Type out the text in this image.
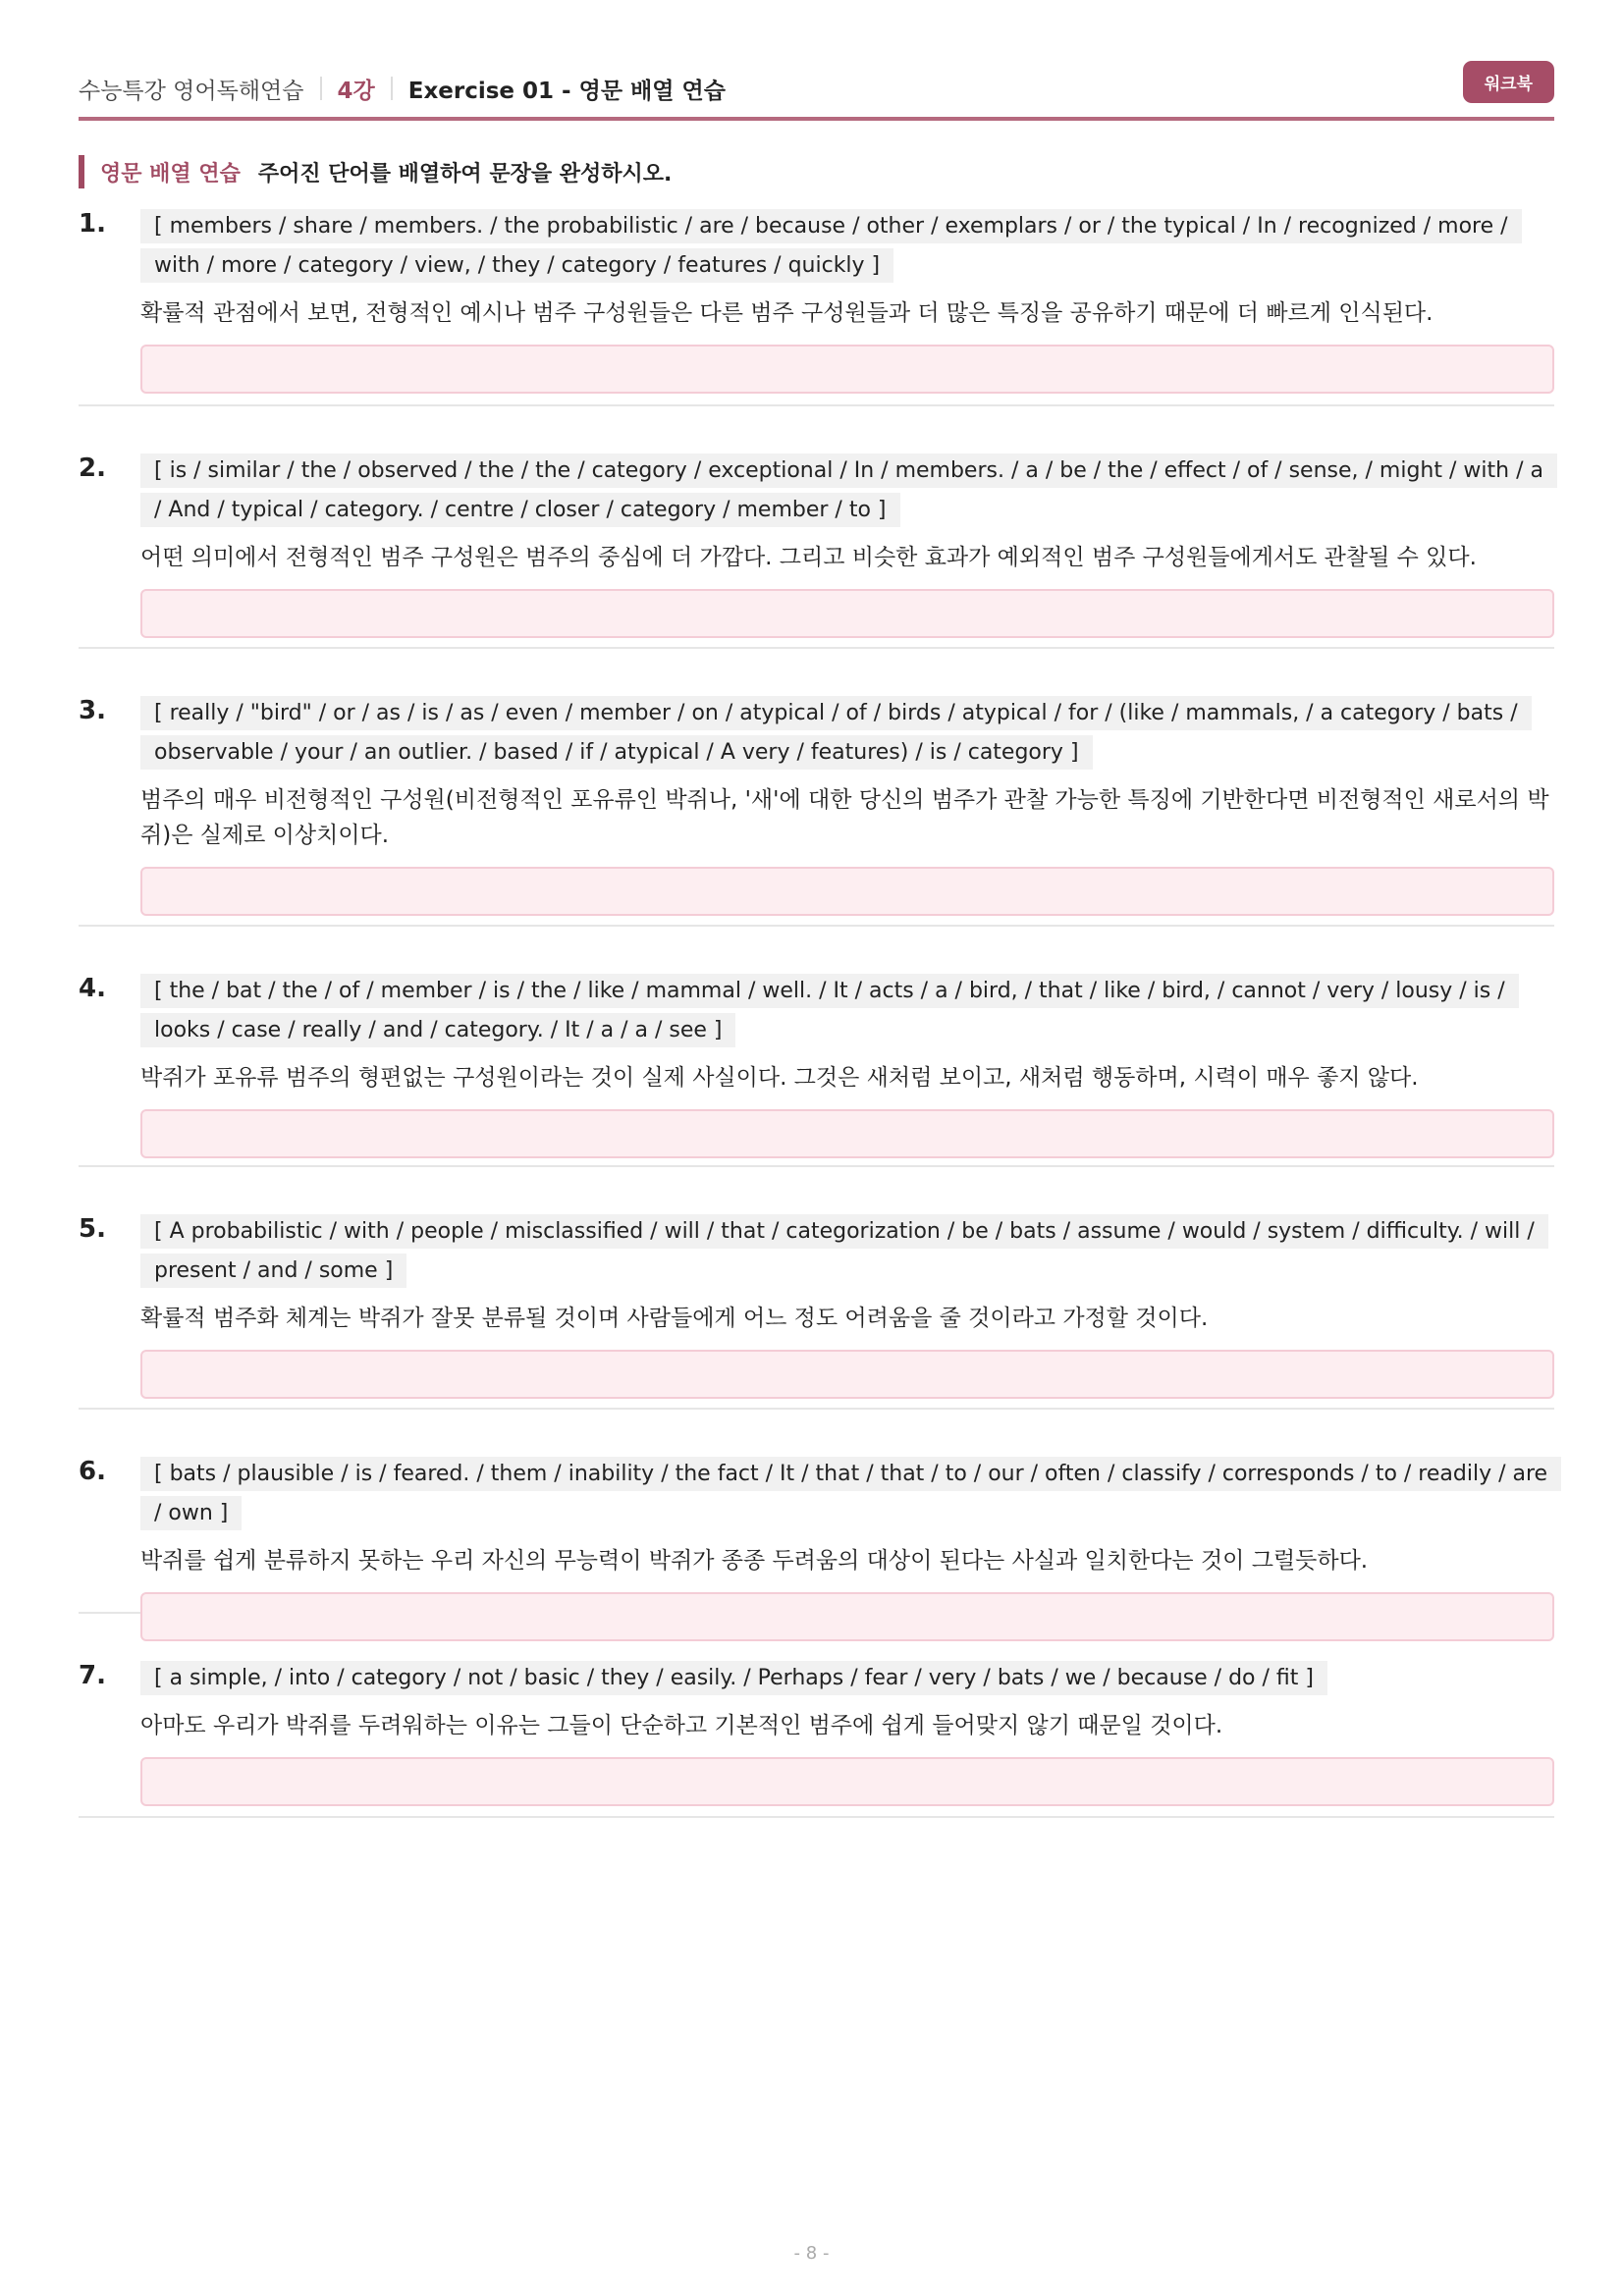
수능특강 영어독해연습 4강 Exercise 01 - 영문 배열 연습	워크북
영문 배열 연습 주어진 단어를 배열하여 문장을 완성하시오.
1.	[ members / share / members. / the probabilistic / are / because / other / exemplars / or / the typical / In / recognized / more / with / more / category / view, / they / category / features / quickly ]
확률적 관점에서 보면, 전형적인 예시나 범주 구성원들은 다른 범주 구성원들과 더 많은 특징을 공유하기 때문에 더 빠르게 인식된다.
2.	[ is / similar / the / observed / the / the / category / exceptional / In / members. / a / be / the / effect / of / sense, / might / with / a / And / typical / category. / centre / closer / category / member / to ]
어떤 의미에서 전형적인 범주 구성원은 범주의 중심에 더 가깝다. 그리고 비슷한 효과가 예외적인 범주 구성원들에게서도 관찰될 수 있다.
3.	[ really / "bird" / or / as / is / as / even / member / on / atypical / of / birds / atypical / for / (like / mammals, / a category / bats / observable / your / an outlier. / based / if / atypical / A very / features) / is / category ]
범주의 매우 비전형적인 구성원(비전형적인 포유류인 박쥐나, '새'에 대한 당신의 범주가 관찰 가능한 특징에 기반한다면 비전형적인 새로서의 박쥐)은 실제로 이상치이다.
4.	[ the / bat / the / of / member / is / the / like / mammal / well. / It / acts / a / bird, / that / like / bird, / cannot / very / lousy / is / looks / case / really / and / category. / It / a / a / see ]
박쥐가 포유류 범주의 형편없는 구성원이라는 것이 실제 사실이다. 그것은 새처럼 보이고, 새처럼 행동하며, 시력이 매우 좋지 않다.
5.	[ A probabilistic / with / people / misclassified / will / that / categorization / be / bats / assume / would / system / difficulty. / will / present / and / some ]
확률적 범주화 체계는 박쥐가 잘못 분류될 것이며 사람들에게 어느 정도 어려움을 줄 것이라고 가정할 것이다.
6.	[ bats / plausible / is / feared. / them / inability / the fact / It / that / that / to / our / often / classify / corresponds / to / readily / are / own ]
박쥐를 쉽게 분류하지 못하는 우리 자신의 무능력이 박쥐가 종종 두려움의 대상이 된다는 사실과 일치한다는 것이 그럴듯하다.
7.	[ a simple, / into / category / not / basic / they / easily. / Perhaps / fear / very / bats / we / because / do / fit ]
아마도 우리가 박쥐를 두려워하는 이유는 그들이 단순하고 기본적인 범주에 쉽게 들어맞지 않기 때문일 것이다.
- 8 -
